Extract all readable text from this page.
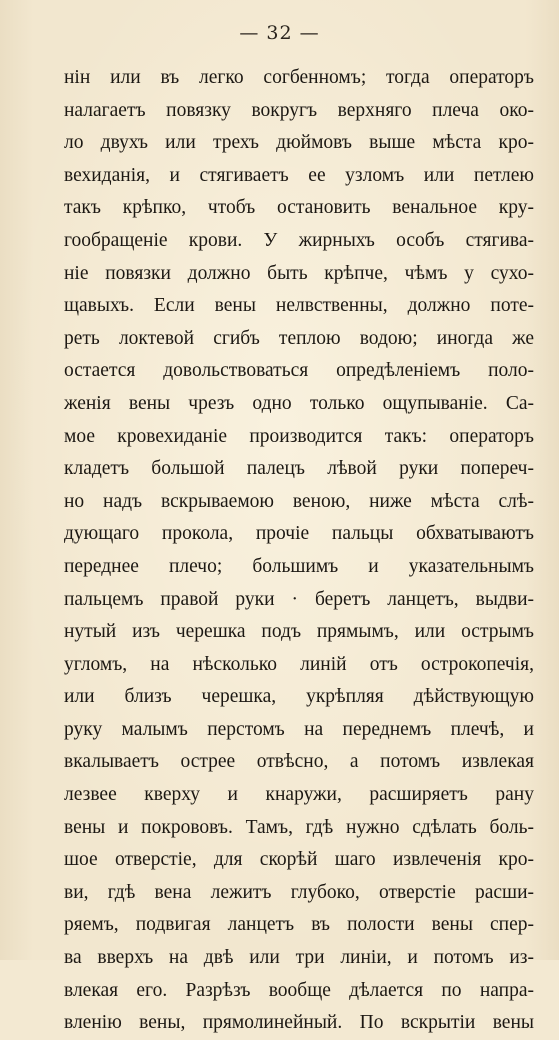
— 32 —
нін или въ легко согбенномъ; тогда операторъ
налагаетъ повязку вокругъ верхняго плеча око-
ло двухъ или трехъ дюймовъ выше мѣста кро-
вехиданія, и стягиваетъ ее узломъ или петлею
такъ крѣпко, чтобъ остановить венальное кру-
гообращеніе крови. У жирныхъ особъ стягива-
ніе повязки должно быть крѣпче, чѣмъ у сухо-
щавыхъ. Если вены нелвственны, должно поте-
реть локтевой сгибъ теплою водою; иногда же
остается довольствоваться опредѣленіемъ поло-
женія вены чрезъ одно только ощупываніе. Са-
мое кровехиданіе производится такъ: операторъ
кладетъ большой палецъ лѣвой руки попереч-
но надъ вскрываемою веною, ниже мѣста слѣ-
дующаго прокола, прочіе пальцы обхватываютъ
переднее плечо; большимъ и указательнымъ
пальцемъ правой руки · беретъ ланцетъ, выдви-
нутый изъ черешка подъ прямымъ, или острымъ
угломъ, на нѣсколько линій отъ острокопечія,
или близъ черешка, укрѣпляя дѣйствующую
руку малымъ перстомъ на переднемъ плечѣ, и
вкалываетъ острее отвѣсно, а потомъ извлекая
лезвее кверху и кнаружи, расширяетъ рану
вены и покрововъ. Тамъ, гдѣ нужно сдѣлать боль-
шое отверстіе, для скорѣй шаго извлеченія кро-
ви, гдѣ вена лежитъ глубоко, отверстіе расши-
ряемъ, подвигая ланцетъ въ полости вены спер-
ва вверхъ на двѣ или три линіи, и потомъ из-
влекая его. Разрѣзъ вообще дѣлается по напра-
вленію вены, прямолинейный. По вскрытіи вены
